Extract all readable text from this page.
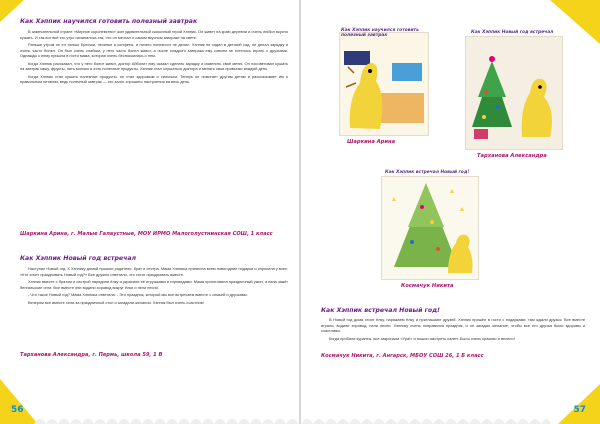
Как Хэппик научился готовить полезный завтрак

В замечательной стране «Мирное королевство» жил удивительный сказочный герой Хэппик. Он живет на краю деревни и очень любил вкусно кушать. И так вот всё его утро начиналось так, что он мечтал о самом вкусном завтраке на свете.

Раньше утром он ел только булочки, печенье и конфеты, и ничего полезного не делал. Хэппик не ходил в детский сад, не делал зарядку и очень часто болел. Он был очень слабым, у него часто болел живот, а после сладкого завтрака ему совсем не хотелось играть с друзьями. Однажды к нему пришла в гости мама, которая очень беспокоилась о нем.

Когда Хэппик рассказал, что у него болит живот, доктор Айболит ему сказал сделать зарядку и изменить своё меню. Он посоветовал кушать на завтрак кашу, фрукты, пить молоко и есть полезные продукты. Хэппик стал слушаться доктора и менять свои привычки каждый день.

Когда Хэппик стал кушать полезные продукты, он стал здоровым и сильным. Теперь он помогает другим детям и рассказывает им о правильном питании, ведь полезный завтрак — это залог хорошего настроения на весь день.

Шаркина Арина, г. Малые Галаустные, МОУ ИРМО Малоголустнинская СОШ, 1 класс
Как Хэппик Новый год встречал

Наступил Новый год. К Хэппику домой пришли родители, брат и сестра. Мама Хэппика принесла всем новогодние подарки и спросила у всех: «Кто хочет праздновать Новый год?» Все дружно ответили, что хотят праздновать вместе.

Хэппик вместе с братом и сестрой нарядили ёлку и украсили её игрушками и гирляндами. Мама приготовила праздничный ужин, а папа зажёг бенгальские огни. Все вместе они водили хоровод вокруг ёлки и пели песни.

- Что такое Новый год? Мама Хэппика ответила: - Это праздник, который мы все встречаем вместе с семьей и друзьями.

Вечером все вместе сели за праздничный стол и загадали желания. Хэппик был очень счастлив!

Тарханова Александра, г. Пермь, школа 59, 1 В
56
Как Хэппик научился готовить полезный завтрак
Шаркина Арина
Как Хэппик Новый год встречал
Тарханова Александра
Как Хэппик встречал Новый год!
Космачук Никита
Как Хэппик встречал Новый год!

В Новый год дома стоит ёлку, наряжаем ёлку и приглашают друзей. Хэппик пришёл в гости с подарками, там ждали друзья. Все вместе играли, водили хоровод, пели песни. Хэппику очень понравился праздник, и он загадал желание, чтобы все его друзья были здоровы и счастливы.

Когда пробили куранты, все закричали «Ура!» и пошли смотреть салют. Было очень красиво и весело!

Космачук Никита, г. Ангарск, МБОУ СОШ 26, 1 Б класс
57
